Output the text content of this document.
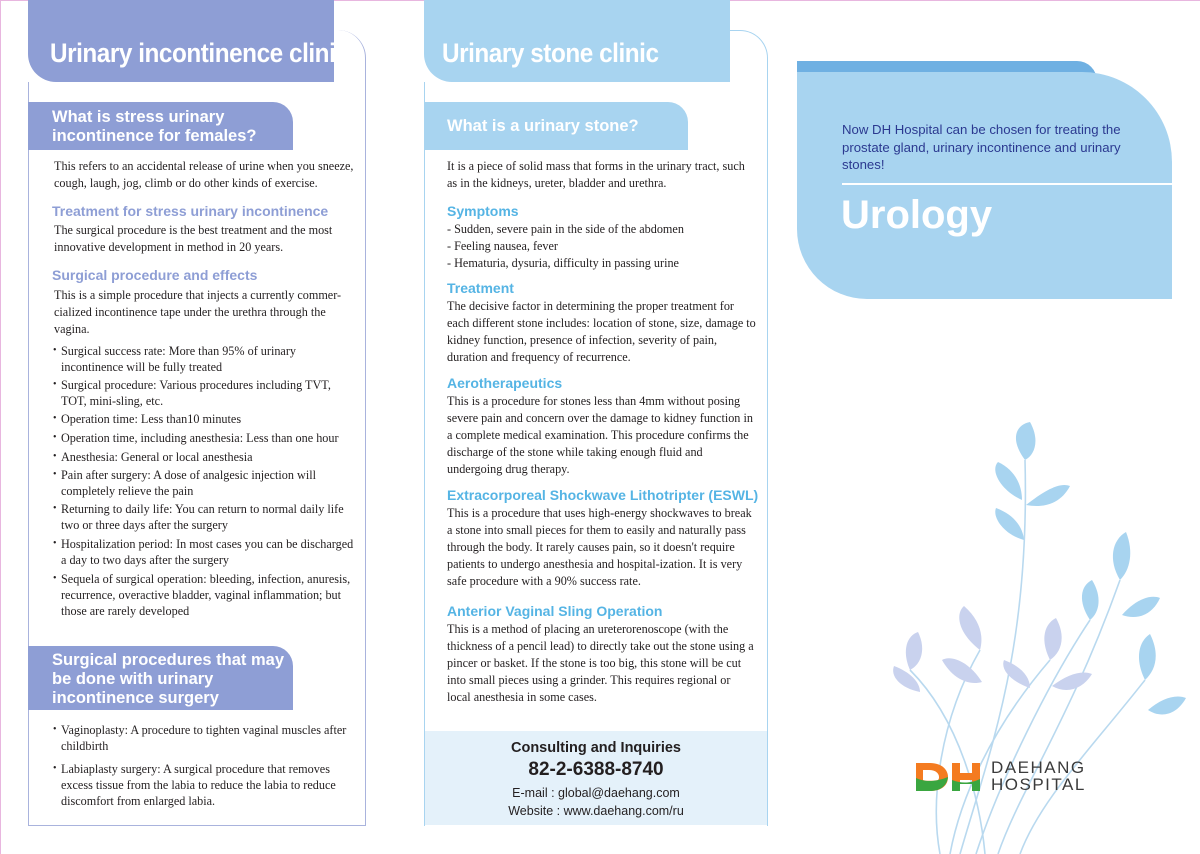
Urinary incontinence clinic
What is stress urinary incontinence for females?

This refers to an accidental release of urine when you sneeze, cough, laugh, jog, climb or do other kinds of exercise.

Treatment for stress urinary incontinence

The surgical procedure is the best treatment and the most innovative development in method in 20 years.

Surgical procedure and effects

This is a simple procedure that injects a currently commer-cialized incontinence tape under the urethra through the vagina.

• Surgical success rate: More than 95% of urinary incontinence will be fully treated
• Surgical procedure: Various procedures including TVT, TOT, mini-sling, etc.
• Operation time: Less than10 minutes
• Operation time, including anesthesia: Less than one hour
• Anesthesia: General or local anesthesia
• Pain after surgery: A dose of analgesic injection will completely relieve the pain
• Returning to daily life: You can return to normal daily life two or three days after the surgery
• Hospitalization period: In most cases you can be discharged a day to two days after the surgery
• Sequela of surgical operation: bleeding, infection, anuresis, recurrence, overactive bladder, vaginal inflammation; but those are rarely developed
Surgical procedures that may be done with urinary incontinence surgery
• Vaginoplasty: A procedure to tighten vaginal muscles after childbirth
• Labiaplasty surgery: A surgical procedure that removes excess tissue from the labia to reduce the labia to reduce discomfort from enlarged labia.
Urinary stone clinic
What is a urinary stone?

It is a piece of solid mass that forms in the urinary tract, such as in the kidneys, ureter, bladder and urethra.

Symptoms

- Sudden, severe pain in the side of the abdomen

- Feeling nausea, fever

- Hematuria, dysuria, difficulty in passing urine

Treatment

The decisive factor in determining the proper treatment for each different stone includes: location of stone, size, damage to kidney function, presence of infection, severity of pain, duration and frequency of recurrence.

Aerotherapeutics

This is a procedure for stones less than 4mm without posing severe pain and concern over the damage to kidney function in a complete medical examination. This procedure confirms the discharge of the stone while taking enough fluid and undergoing drug therapy.

Extracorporeal Shockwave Lithotripter (ESWL)

This is a procedure that uses high-energy shockwaves to break a stone into small pieces for them to easily and naturally pass through the body. It rarely causes pain, so it doesn't require patients to undergo anesthesia and hospital-ization. It is very safe procedure with a 90% success rate.

Anterior Vaginal Sling Operation

This is a method of placing an ureterorenoscope (with the thickness of a pencil lead) to directly take out the stone using a pincer or basket. If the stone is too big, this stone will be cut into small pieces using a grinder. This requires regional or local anesthesia in some cases.

Consulting and Inquiries
82-2-6388-8740
E-mail : global@daehang.com
Website : www.daehang.com/ru

Now DH Hospital can be chosen for treating the prostate gland, urinary incontinence and urinary stones!

Urology
DAEHANG
HOSPITAL
